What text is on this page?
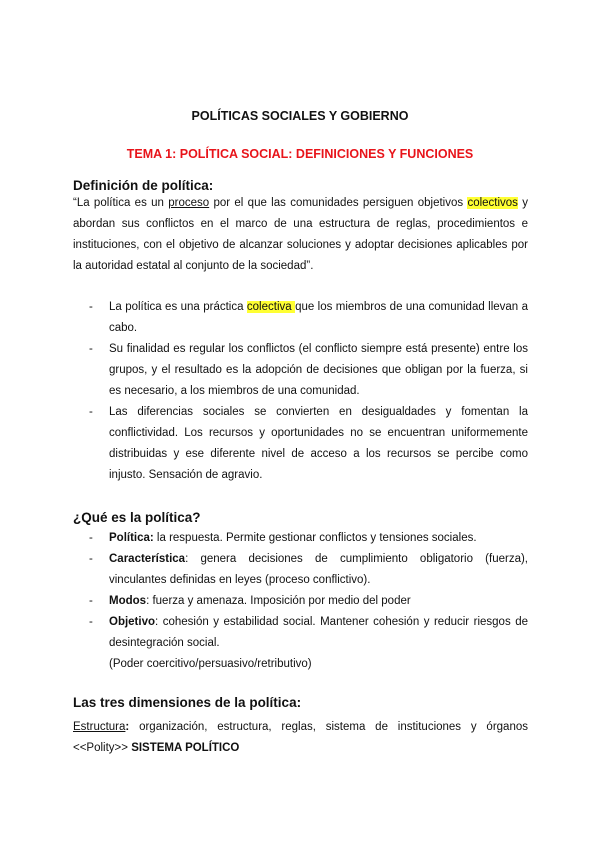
POLÍTICAS SOCIALES Y GOBIERNO
TEMA 1: POLÍTICA SOCIAL: DEFINICIONES Y FUNCIONES
Definición de política:
“La política es un proceso por el que las comunidades persiguen objetivos colectivos y abordan sus conflictos en el marco de una estructura de reglas, procedimientos e instituciones, con el objetivo de alcanzar soluciones y adoptar decisiones aplicables por la autoridad estatal al conjunto de la sociedad”.
- La política es una práctica colectiva que los miembros de una comunidad llevan a cabo.
- Su finalidad es regular los conflictos (el conflicto siempre está presente) entre los grupos, y el resultado es la adopción de decisiones que obligan por la fuerza, si es necesario, a los miembros de una comunidad.
- Las diferencias sociales se convierten en desigualdades y fomentan la conflictividad. Los recursos y oportunidades no se encuentran uniformemente distribuidas y ese diferente nivel de acceso a los recursos se percibe como injusto. Sensación de agravio.
¿Qué es la política?
- Política: la respuesta. Permite gestionar conflictos y tensiones sociales.
- Característica: genera decisiones de cumplimiento obligatorio (fuerza), vinculantes definidas en leyes (proceso conflictivo).
- Modos: fuerza y amenaza. Imposición por medio del poder
- Objetivo: cohesión y estabilidad social. Mantener cohesión y reducir riesgos de desintegración social.
(Poder coercitivo/persuasivo/retributivo)
Las tres dimensiones de la política:
Estructura: organización, estructura, reglas, sistema de instituciones y órganos <<Polity>> SISTEMA POLÍTICO
